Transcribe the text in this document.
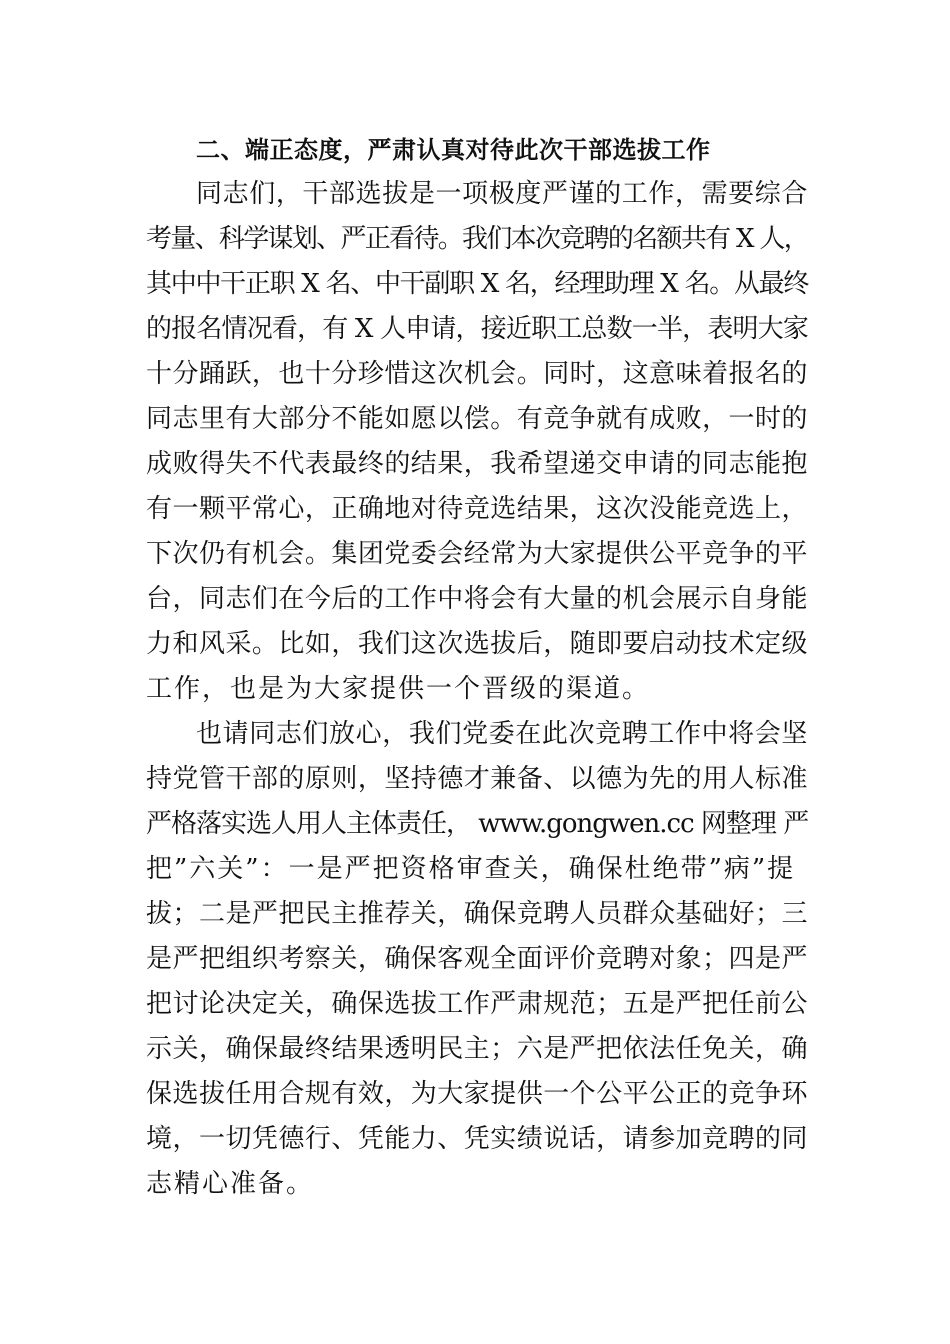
二、端正态度，严肃认真对待此次干部选拔工作

同志们，干部选拔是一项极度严谨的工作，需要综合

考量、科学谋划、严正看待。我们本次竞聘的名额共有 X 人，

其中中干正职 X 名、中干副职 X 名，经理助理 X 名。从最终

的报名情况看，有 X 人申请，接近职工总数一半，表明大家

十分踊跃，也十分珍惜这次机会。同时，这意味着报名的

同志里有大部分不能如愿以偿。有竞争就有成败，一时的

成败得失不代表最终的结果，我希望递交申请的同志能抱

有一颗平常心，正确地对待竞选结果，这次没能竞选上，

下次仍有机会。集团党委会经常为大家提供公平竞争的平

台，同志们在今后的工作中将会有大量的机会展示自身能

力和风采。比如，我们这次选拔后，随即要启动技术定级

工作，也是为大家提供一个晋级的渠道。

也请同志们放心，我们党委在此次竞聘工作中将会坚

持党管干部的原则，坚持德才兼备、以德为先的用人标准

严格落实选人用人主体责任， www.gongwen.cc 网整理 严

把”六关”：一是严把资格审查关，确保杜绝带”病”提

拔；二是严把民主推荐关，确保竞聘人员群众基础好；三

是严把组织考察关，确保客观全面评价竞聘对象；四是严

把讨论决定关，确保选拔工作严肃规范；五是严把任前公

示关，确保最终结果透明民主；六是严把依法任免关，确

保选拔任用合规有效，为大家提供一个公平公正的竞争环

境，一切凭德行、凭能力、凭实绩说话，请参加竞聘的同

志精心准备。
